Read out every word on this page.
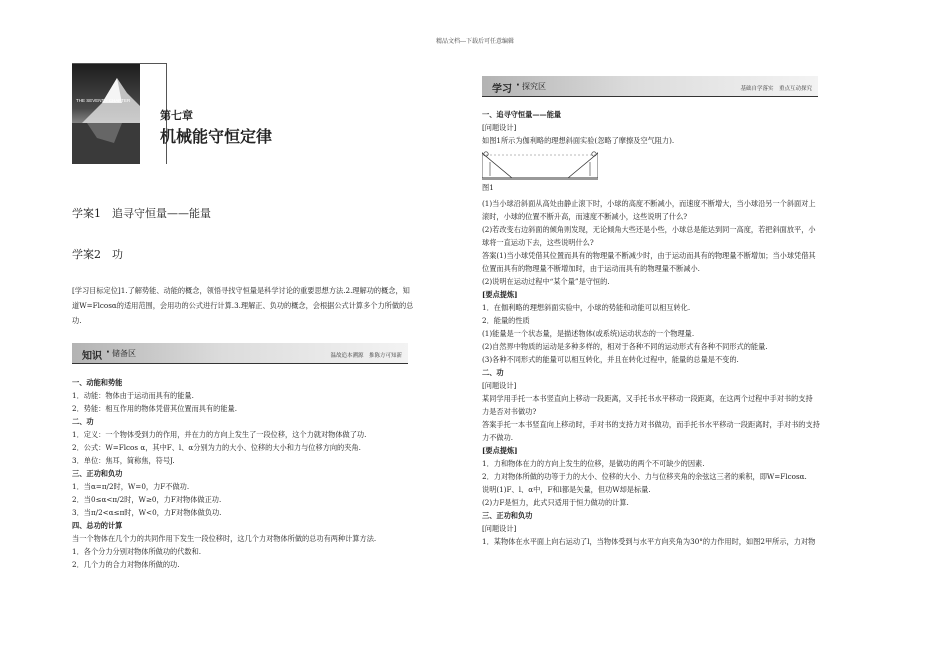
精品文档---下载后可任意编辑
THE SEVENTH CHAPTER
第七章
机械能守恒定律
学案1　追寻守恒量——能量
学案2　功
[学习目标定位]1.了解势能、动能的概念，领悟寻找守恒量是科学讨论的重要思想方法.2.理解功的概念，知
道W=Flcosα的适用范围，会用功的公式进行计算.3.理解正、负功的概念，会根据公式计算多个力所做的总
功.
知识 · 储备区	温故追本溯源　推陈方可知新
一、动能和势能
1．动能：物体由于运动而具有的能量.
2．势能：相互作用的物体凭借其位置而具有的能量.
二、功
1．定义：一个物体受到力的作用，并在力的方向上发生了一段位移，这个力就对物体做了功.
2．公式：W=Flcos α，其中F、l、α分别为力的大小、位移的大小和力与位移方向的夹角.
3．单位：焦耳，简称焦，符号J.
三、正功和负功
1．当α=π/2时，W=0，力F不做功.
2．当0≤α<π/2时，W≥0，力F对物体做正功.
3．当π/2<α≤π时，W<0，力F对物体做负功.
四、总功的计算
当一个物体在几个力的共同作用下发生一段位移时，这几个力对物体所做的总功有两种计算方法.
1．各个分力分别对物体所做功的代数和.
2．几个力的合力对物体所做的功.
学习 · 探究区	基础自学落实　重点互动探究
一、追寻守恒量——能量
[问题设计]
如图1所示为伽利略的理想斜面实验(忽略了摩擦及空气阻力).
图1
(1)当小球沿斜面从高处由静止滚下时，小球的高度不断减小，而速度不断增大，当小球沿另一个斜面对上
滚时，小球的位置不断升高，而速度不断减小，这些说明了什么?
(2)若改变右边斜面的倾角则发现，无论倾角大些还是小些，小球总是能达到同一高度，若把斜面放平，小
球将一直运动下去，这些说明什么?
答案(1)当小球凭借其位置而具有的物理量不断减少时，由于运动而具有的物理量不断增加；当小球凭借其
位置而具有的物理量不断增加时，由于运动而具有的物理量不断减小.
(2)说明在运动过程中“某个量”是守恒的.
[要点提炼]
1．在伽利略的理想斜面实验中，小球的势能和动能可以相互转化.
2．能量的性质
(1)能量是一个状态量，是描述物体(或系统)运动状态的一个物理量.
(2)自然界中物质的运动是多种多样的，相对于各种不同的运动形式有各种不同形式的能量.
(3)各种不同形式的能量可以相互转化，并且在转化过程中，能量的总量是不变的.
二、功
[问题设计]
某同学用手托一本书竖直向上移动一段距离，又手托书水平移动一段距离，在这两个过程中手对书的支持
力是否对书做功?
答案手托一本书竖直向上移动时，手对书的支持力对书做功，而手托书水平移动一段距离时，手对书的支持
力不做功.
[要点提炼]
1．力和物体在力的方向上发生的位移，是做功的两个不可缺少的因素.
2．力对物体所做的功等于力的大小、位移的大小、力与位移夹角的余弦这三者的乘积，即W=Flcosα.
说明(1)F、l、α中，F和l都是矢量，但功W却是标量.
(2)力F是恒力，此式只适用于恒力做功的计算.
三、正功和负功
[问题设计]
1．某物体在水平面上向右运动了l，当物体受到与水平方向夹角为30°的力作用时，如图2甲所示，力对物
